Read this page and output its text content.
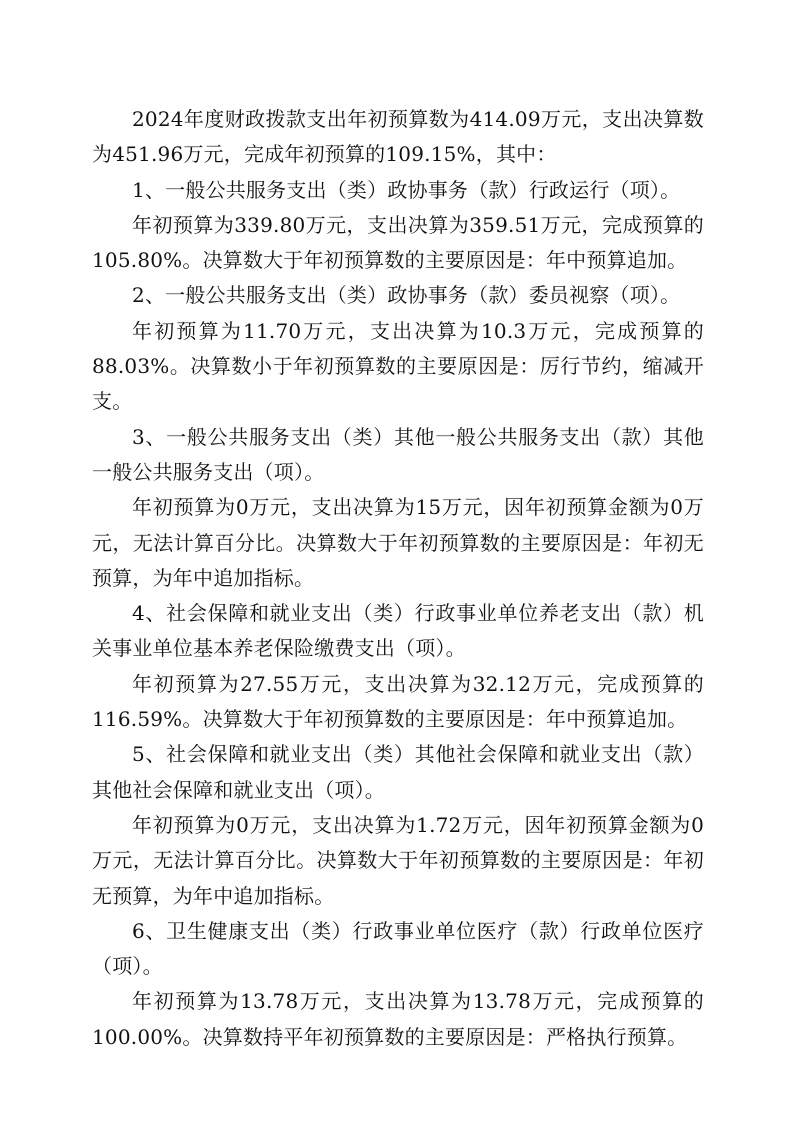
2024年度财政拨款支出年初预算数为414.09万元，支出决算数为451.96万元，完成年初预算的109.15%，其中：

1、一般公共服务支出（类）政协事务（款）行政运行（项）。

年初预算为339.80万元，支出决算为359.51万元，完成预算的105.80%。决算数大于年初预算数的主要原因是：年中预算追加。

2、一般公共服务支出（类）政协事务（款）委员视察（项）。

年初预算为11.70万元，支出决算为10.3万元，完成预算的88.03%。决算数小于年初预算数的主要原因是：厉行节约，缩减开支。

3、一般公共服务支出（类）其他一般公共服务支出（款）其他一般公共服务支出（项）。

年初预算为0万元，支出决算为15万元，因年初预算金额为0万元，无法计算百分比。决算数大于年初预算数的主要原因是：年初无预算，为年中追加指标。

4、社会保障和就业支出（类）行政事业单位养老支出（款）机关事业单位基本养老保险缴费支出（项）。

年初预算为27.55万元，支出决算为32.12万元，完成预算的116.59%。决算数大于年初预算数的主要原因是：年中预算追加。

5、社会保障和就业支出（类）其他社会保障和就业支出（款）其他社会保障和就业支出（项）。

年初预算为0万元，支出决算为1.72万元，因年初预算金额为0万元，无法计算百分比。决算数大于年初预算数的主要原因是：年初无预算，为年中追加指标。

6、卫生健康支出（类）行政事业单位医疗（款）行政单位医疗（项）。

年初预算为13.78万元，支出决算为13.78万元，完成预算的100.00%。决算数持平年初预算数的主要原因是：严格执行预算。
